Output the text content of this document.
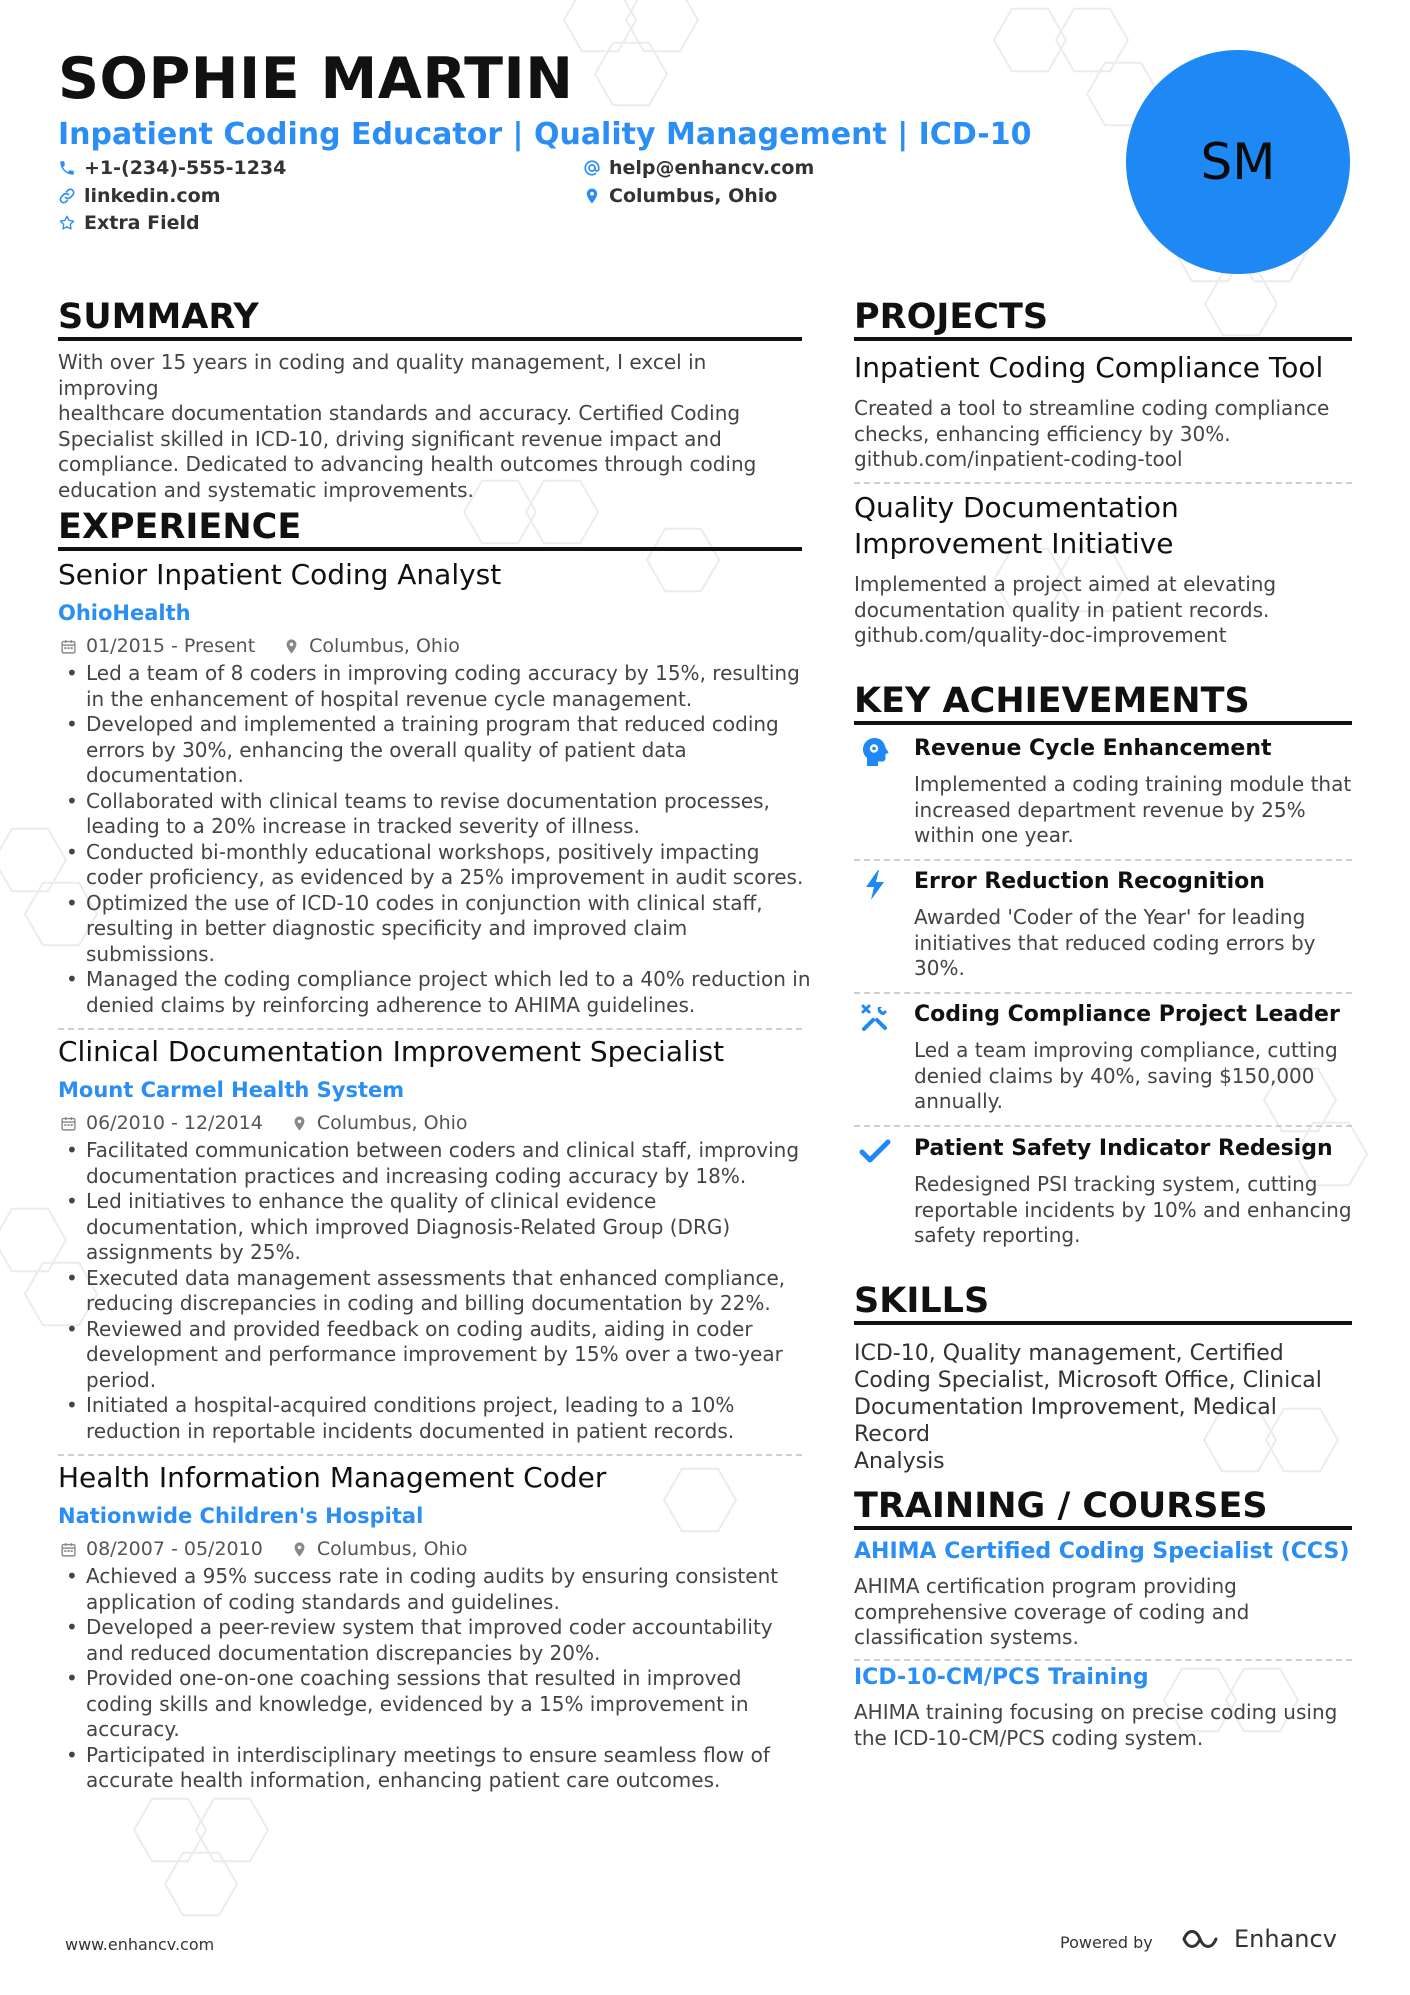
SOPHIE MARTIN
Inpatient Coding Educator | Quality Management | ICD-10
+1-(234)-555-1234	help@enhancv.com
linkedin.com	Columbus, Ohio
Extra Field
SM
SUMMARY
With over 15 years in coding and quality management, I excel in improving
healthcare documentation standards and accuracy. Certified Coding
Specialist skilled in ICD-10, driving significant revenue impact and
compliance. Dedicated to advancing health outcomes through coding
education and systematic improvements.
EXPERIENCE
PROJECTS
KEY ACHIEVEMENTS
SKILLS
ICD-10, Quality management, Certified
Coding Specialist, Microsoft Office, Clinical
Documentation Improvement, Medical Record
Analysis
TRAINING / COURSES
www.enhancv.com	Powered by	Enhancv
Senior Inpatient Coding Analyst
OhioHealth
01/2015 - Present	Columbus, Ohio
• Led a team of 8 coders in improving coding accuracy by 15%, resulting
in the enhancement of hospital revenue cycle management.
• Developed and implemented a training program that reduced coding
errors by 30%, enhancing the overall quality of patient data
documentation.
• Collaborated with clinical teams to revise documentation processes,
leading to a 20% increase in tracked severity of illness.
• Conducted bi-monthly educational workshops, positively impacting
coder proficiency, as evidenced by a 25% improvement in audit scores.
• Optimized the use of ICD-10 codes in conjunction with clinical staff,
resulting in better diagnostic specificity and improved claim
submissions.
• Managed the coding compliance project which led to a 40% reduction in
denied claims by reinforcing adherence to AHIMA guidelines.
Clinical Documentation Improvement Specialist
Mount Carmel Health System
06/2010 - 12/2014	Columbus, Ohio
• Facilitated communication between coders and clinical staff, improving
documentation practices and increasing coding accuracy by 18%.
• Led initiatives to enhance the quality of clinical evidence
documentation, which improved Diagnosis-Related Group (DRG)
assignments by 25%.
• Executed data management assessments that enhanced compliance,
reducing discrepancies in coding and billing documentation by 22%.
• Reviewed and provided feedback on coding audits, aiding in coder
development and performance improvement by 15% over a two-year
period.
• Initiated a hospital-acquired conditions project, leading to a 10%
reduction in reportable incidents documented in patient records.
Health Information Management Coder
Nationwide Children's Hospital
08/2007 - 05/2010	Columbus, Ohio
• Achieved a 95% success rate in coding audits by ensuring consistent
application of coding standards and guidelines.
• Developed a peer-review system that improved coder accountability
and reduced documentation discrepancies by 20%.
• Provided one-on-one coaching sessions that resulted in improved
coding skills and knowledge, evidenced by a 15% improvement in
accuracy.
• Participated in interdisciplinary meetings to ensure seamless flow of
accurate health information, enhancing patient care outcomes.
Inpatient Coding Compliance Tool
Created a tool to streamline coding compliance
checks, enhancing efficiency by 30%.
github.com/inpatient-coding-tool
Quality Documentation
Improvement Initiative
Implemented a project aimed at elevating
documentation quality in patient records.
github.com/quality-doc-improvement
Revenue Cycle Enhancement
Implemented a coding training module that
increased department revenue by 25%
within one year.
Error Reduction Recognition
Awarded 'Coder of the Year' for leading
initiatives that reduced coding errors by
30%.
Coding Compliance Project Leader
Led a team improving compliance, cutting
denied claims by 40%, saving $150,000
annually.
Patient Safety Indicator Redesign
Redesigned PSI tracking system, cutting
reportable incidents by 10% and enhancing
safety reporting.
AHIMA Certified Coding Specialist (CCS)
AHIMA certification program providing
comprehensive coverage of coding and
classification systems.
ICD-10-CM/PCS Training
AHIMA training focusing on precise coding using
the ICD-10-CM/PCS coding system.
